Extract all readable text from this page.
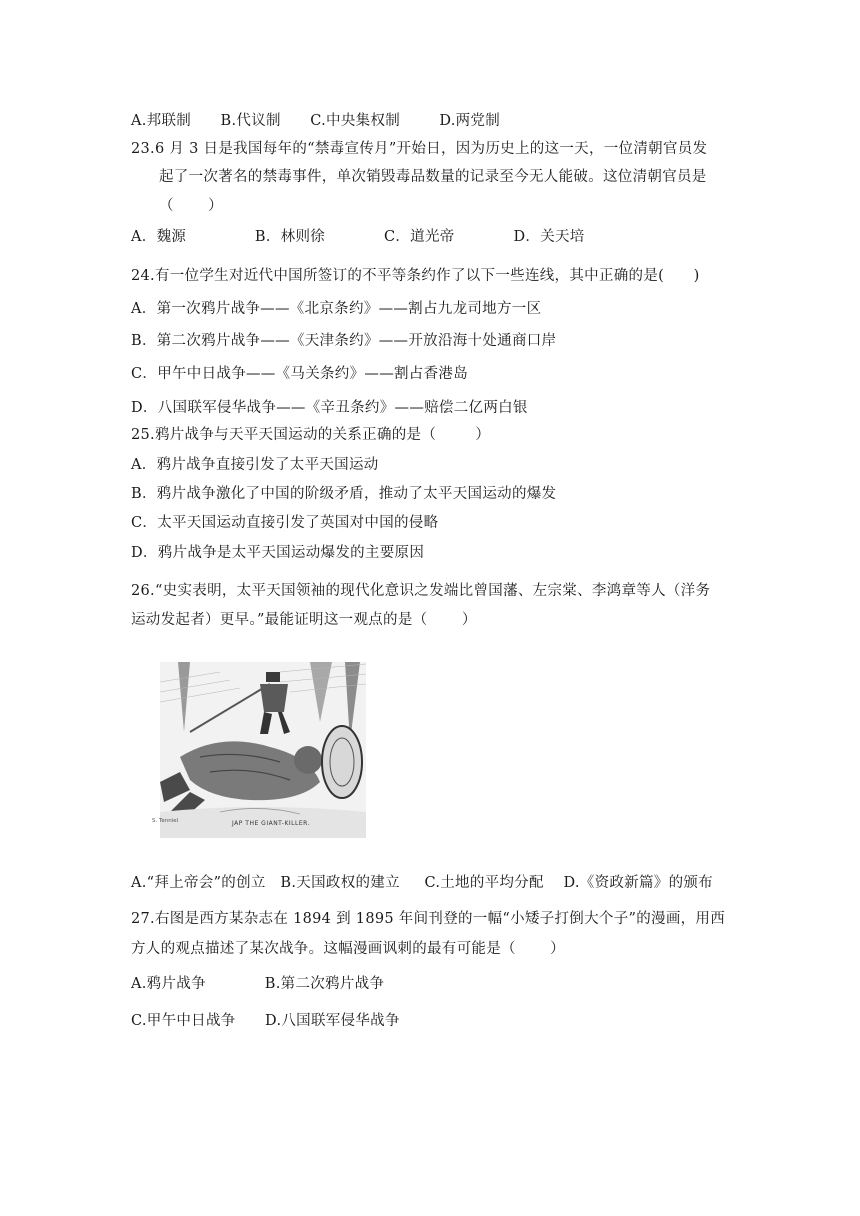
A.邦联制      B.代议制      C.中央集权制        D.两党制
23.6 月 3 日是我国每年的“禁毒宣传月”开始日，因为历史上的这一天，一位清朝官员发
起了一次著名的禁毒事件，单次销毁毒品数量的记录至今无人能破。这位清朝官员是
（       ）
A．魏源              B．林则徐            C．道光帝            D．关天培
24.有一位学生对近代中国所签订的不平等条约作了以下一些连线，其中正确的是(      )
A．第一次鸦片战争——《北京条约》——割占九龙司地方一区
B．第二次鸦片战争——《天津条约》——开放沿海十处通商口岸
C．甲午中日战争——《马关条约》——割占香港岛
D．八国联军侵华战争——《辛丑条约》——赔偿二亿两白银
25.鸦片战争与天平天国运动的关系正确的是（        ）
A．鸦片战争直接引发了太平天国运动
B．鸦片战争激化了中国的阶级矛盾，推动了太平天国运动的爆发
C．太平天国运动直接引发了英国对中国的侵略
D．鸦片战争是太平天国运动爆发的主要原因
26.“史实表明，太平天国领袖的现代化意识之发端比曾国藩、左宗棠、李鸿章等人（洋务
运动发起者）更早。”最能证明这一观点的是（       ）
S. Tenniel	JAP THE GIANT-KILLER.
A.“拜上帝会”的创立   B.天国政权的建立     C.土地的平均分配    D.《资政新篇》的颁布
27.右图是西方某杂志在 1894 到 1895 年间刊登的一幅“小矮子打倒大个子”的漫画，用西
方人的观点描述了某次战争。这幅漫画讽刺的最有可能是（       ）
A.鸦片战争            B.第二次鸦片战争
C.甲午中日战争      D.八国联军侵华战争
